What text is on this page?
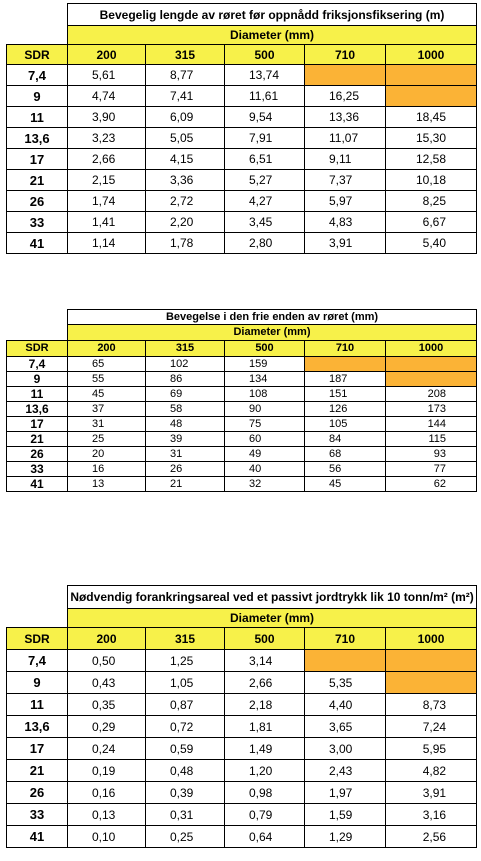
	Bevegelig lengde av røret før oppnådd friksjonsfiksering (m)				
	Diameter (mm)				
SDR	200	315	500	710	1000
7,4	5,61	8,77	13,74		
9	4,74	7,41	11,61	16,25	
11	3,90	6,09	9,54	13,36	18,45
13,6	3,23	5,05	7,91	11,07	15,30
17	2,66	4,15	6,51	9,11	12,58
21	2,15	3,36	5,27	7,37	10,18
26	1,74	2,72	4,27	5,97	8,25
33	1,41	2,20	3,45	4,83	6,67
41	1,14	1,78	2,80	3,91	5,40
	Bevegelse i den frie enden av røret (mm)				
	Diameter (mm)				
SDR	200	315	500	710	1000
7,4	65	102	159		
9	55	86	134	187	
11	45	69	108	151	208
13,6	37	58	90	126	173
17	31	48	75	105	144
21	25	39	60	84	115
26	20	31	49	68	93
33	16	26	40	56	77
41	13	21	32	45	62
	Nødvendig forankringsareal ved et passivt jordtrykk lik 10 tonn/m² (m²)				
	Diameter (mm)				
SDR	200	315	500	710	1000
7,4	0,50	1,25	3,14		
9	0,43	1,05	2,66	5,35	
11	0,35	0,87	2,18	4,40	8,73
13,6	0,29	0,72	1,81	3,65	7,24
17	0,24	0,59	1,49	3,00	5,95
21	0,19	0,48	1,20	2,43	4,82
26	0,16	0,39	0,98	1,97	3,91
33	0,13	0,31	0,79	1,59	3,16
41	0,10	0,25	0,64	1,29	2,56
